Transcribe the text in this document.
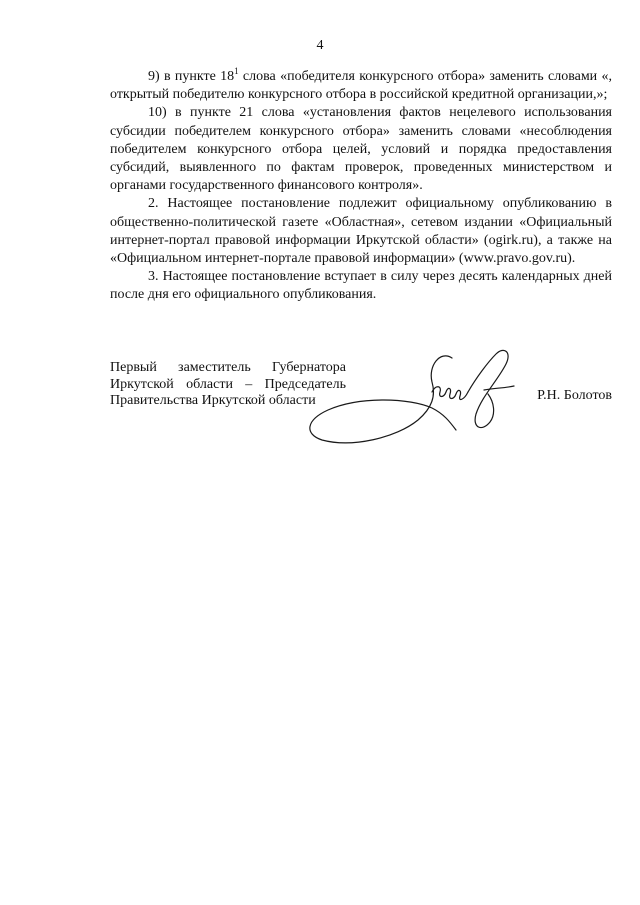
4

9) в пункте $18^1$ слова «победителя конкурсного отбора» заменить словами «, открытый победителю конкурсного отбора в российской кредитной организации,»;

10) в пункте 21 слова «установления фактов нецелевого использования субсидии победителем конкурсного отбора» заменить словами «несоблюдения победителем конкурсного отбора целей, условий и порядка предоставления субсидий, выявленного по фактам проверок, проведенных министерством и органами государственного финансового контроля».

2. Настоящее постановление подлежит официальному опубликованию в общественно-политической газете «Областная», сетевом издании «Официальный интернет-портал правовой информации Иркутской области» (ogirk.ru), а также на «Официальном интернет-портале правовой информации» (www.pravo.gov.ru).

3. Настоящее постановление вступает в силу через десять календарных дней после дня его официального опубликования.

Первый заместитель Губернатора
Иркутской области – Председатель
Правительства Иркутской области	Р.Н. Болотов
